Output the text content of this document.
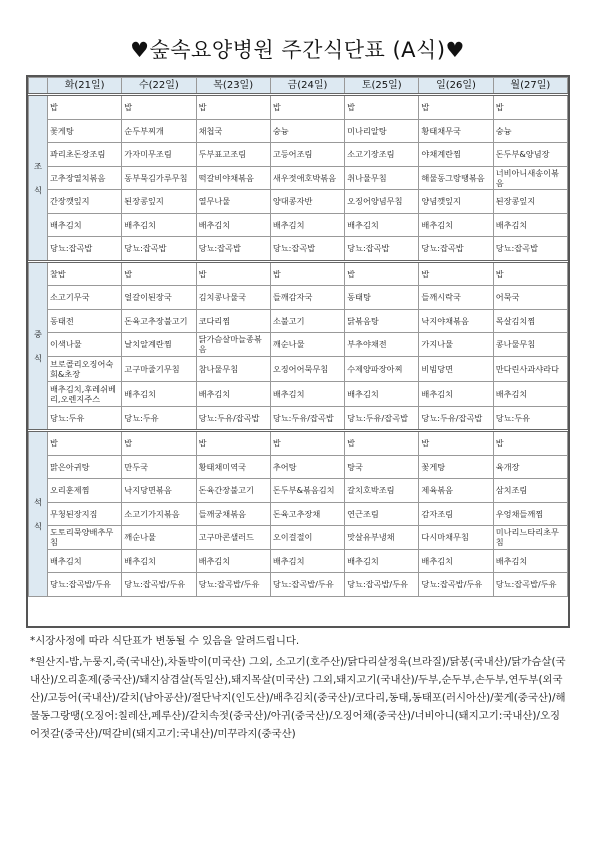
♥숲속요양병원 주간식단표 (A식)♥
	화(21일)	수(22일)	목(23일)	금(24일)	토(25일)	일(26일)	월(27일)

조
식	밥	밥	밥	밥	밥	밥	밥
	꽃게탕	순두부찌개	채첩국	숭늉	미나리알탕	황태채무국	숭늉
	꽈리초돈장조림	가자미무조림	두부표고조림	고등어조림	소고기장조림	야채계란찜	돈두부&양념장
	고추장열치볶음	동부묵김가루무침	떡갈비야채볶음	새우젓애호박볶음	취나물무침	해물동그랑땡볶음	너비아니새송이볶음
	간장깻잎지	된장콩잎지	열무나물	양대콩자반	오징어양념무침	양념깻잎지	된장콩잎지
	배추김치	배추김치	배추김치	배추김치	배추김치	배추김치	배추김치
	당뇨:잡곡밥	당뇨:잡곡밥	당뇨:잡곡밥	당뇨:잡곡밥	당뇨:잡곡밥	당뇨:잡곡밥	당뇨:잡곡밥

중
식	찰밥	밥	밥	밥	밥	밥	밥
	소고기무국	얼갈이된장국	김치콩나물국	들깨감자국	동태탕	들깨시락국	어묵국
	동태전	돈육고추장불고기	코다리찜	소불고기	닭볶음탕	낙지야채볶음	목살김치찜
	이색나물	날치알계란찜	닭가슴살마늘종볶음	깨순나물	부추야채전	가지나물	콩나물무침
	브로콜리오징어숙회&초장	고구마줄기무침	참나물무침	오징어어묵무침	수제양파장아찌	비빔당면	만다린사과샤라다
	배추김치,후레쉬베리,오렌지주스	배추김치	배추김치	배추김치	배추김치	배추김치	배추김치
	당뇨:두유	당뇨:두유	당뇨:두유/잡곡밥	당뇨:두유/잡곡밥	당뇨:두유/잡곡밥	당뇨:두유/잡곡밥	당뇨:두유

석
식	밥	밥	밥	밥	밥	밥	밥
	맑은아귀탕	만두국	황태채미역국	추어탕	탕국	꽃게탕	육개장
	오리훈제찜	낙지당면볶음	돈육간장불고기	돈두부&볶음김치	갈치호박조림	제육볶음	삼치조림
	무청된장지짐	소고기가지볶음	들깨궁채볶음	돈육고추장채	연근조림	감자조림	우엉채들깨찜
	도토리묵양배추무침	깨순나물	고구마콘샐러드	오이걸절이	맛살유부냉채	다시마채무침	미나리느타리초무침
	배추김치	배추김치	배추김치	배추김치	배추김치	배추김치	배추김치
	당뇨:잡곡밥/두유	당뇨:잡곡밥/두유	당뇨:잡곡밥/두유	당뇨:잡곡밥/두유	당뇨:잡곡밥/두유	당뇨:잡곡밥/두유	당뇨:잡곡밥/두유
*시장사정에 따라 식단표가 변동될 수 있음을 알려드립니다.
*원산지-밥,누룽지,죽(국내산),차돌박이(미국산) 그외, 소고기(호주산)/닭다리살정육(브라질)/닭봉(국내산)/닭가슴살(국내산)/오리훈제(중국산)/돼지삼겹살(독일산),돼지목살(미국산) 그외,돼지고기(국내산)/두부,순두부,손두부,연두부(외국산)/고등어(국내산)/갈치(남아공산)/절단낙지(인도산)/배추김치(중국산)/코다리,동태,동태포(러시아산)/꽃게(중국산)/해물동그랑땡(오징어:칠레산,페루산)/갈치속젓(중국산)/아귀(중국산)/오징어채(중국산)/너비아니(돼지고기:국내산)/오징어젓갈(중국산)/떡갈비(돼지고기:국내산)/미꾸라지(중국산)
